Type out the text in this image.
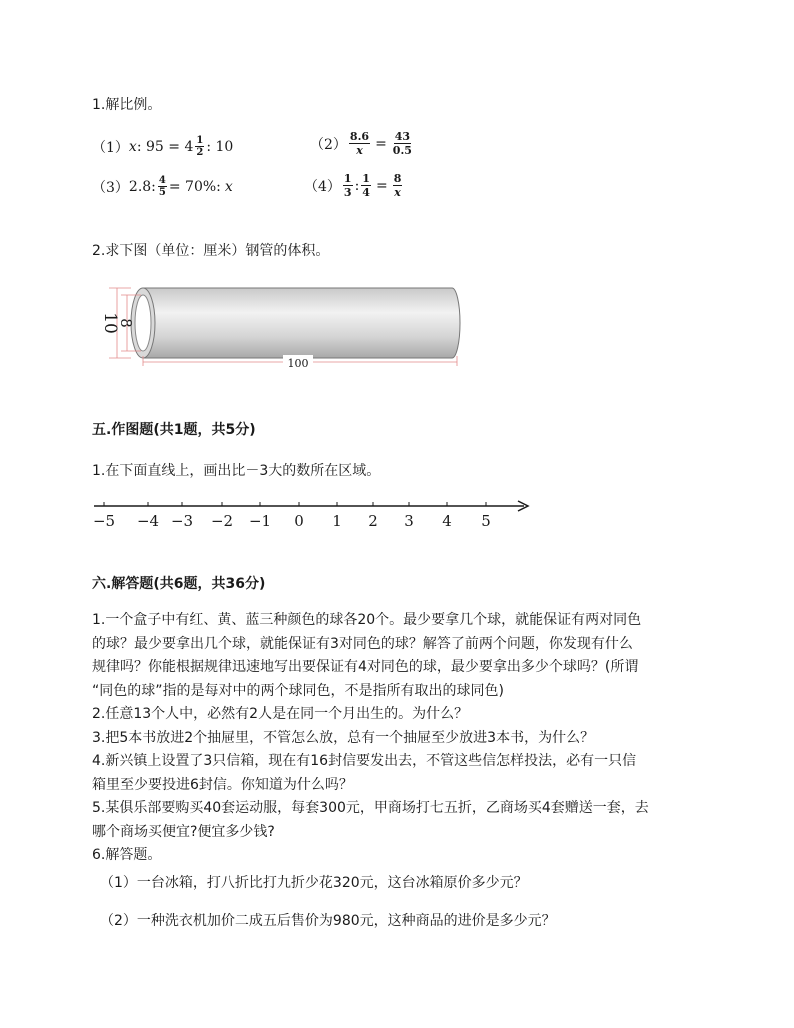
1.解比例。
（1） x : $95 = 4 \frac{1}{2}$ : 10	$(2) \frac{8.6}{x} = \frac{43}{0.5}$
（3） 2.8: $\frac{4}{5} = 70\%$: x	$(4) \frac{1}{3}$ : $\frac{1}{4} = \frac{8}{x}$
2.求下图（单位：厘米）钢管的体积。
10
8
100
五.作图题(共1题，共5分)
1.在下面直线上，画出比－3大的数所在区域。
−5 −4 −3 −2 −1 0 1 2 3 4 5
六.解答题(共6题，共36分)
1.一个盒子中有红、黄、蓝三种颜色的球各20个。最少要拿几个球，就能保证有两对同色
的球？最少要拿出几个球，就能保证有3对同色的球？解答了前两个问题，你发现有什么
规律吗？你能根据规律迅速地写出要保证有4对同色的球，最少要拿出多少个球吗？(所谓
“同色的球”指的是每对中的两个球同色，不是指所有取出的球同色)
2.任意13个人中，必然有2人是在同一个月出生的。为什么？
3.把5本书放进2个抽屉里，不管怎么放，总有一个抽屉至少放进3本书，为什么？
4.新兴镇上设置了3只信箱，现在有16封信要发出去，不管这些信怎样投法，必有一只信
箱里至少要投进6封信。你知道为什么吗？
5.某俱乐部要购买40套运动服，每套300元，甲商场打七五折，乙商场买4套赠送一套，去
哪个商场买便宜?便宜多少钱?
6.解答题。
（1）一台冰箱，打八折比打九折少花320元，这台冰箱原价多少元？
（2）一种洗衣机加价二成五后售价为980元，这种商品的进价是多少元？
